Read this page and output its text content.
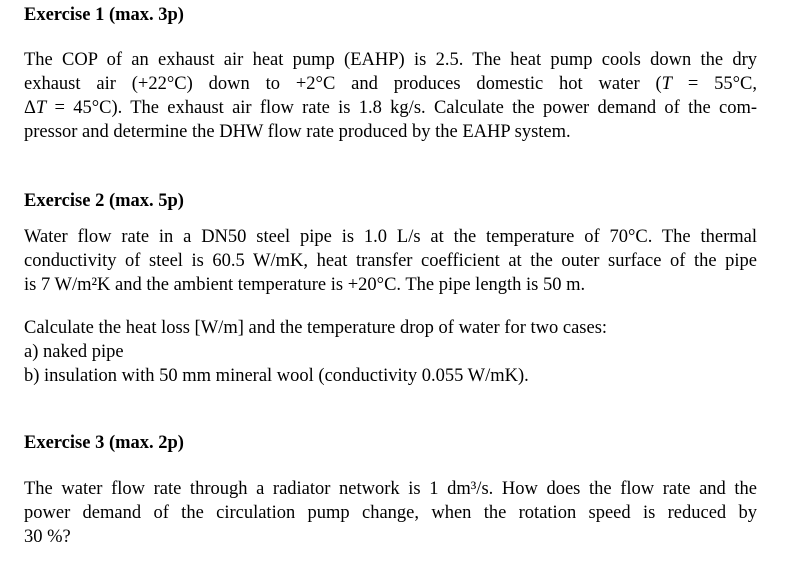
Exercise 1 (max. 3p)
The COP of an exhaust air heat pump (EAHP) is 2.5. The heat pump cools down the dry
exhaust air (+22°C) down to +2°C and produces domestic hot water (T = 55°C,
ΔT = 45°C). The exhaust air flow rate is 1.8 kg/s. Calculate the power demand of the com-
pressor and determine the DHW flow rate produced by the EAHP system.
Exercise 2 (max. 5p)
Water flow rate in a DN50 steel pipe is 1.0 L/s at the temperature of 70°C. The thermal
conductivity of steel is 60.5 W/mK, heat transfer coefficient at the outer surface of the pipe
is 7 W/m²K and the ambient temperature is +20°C. The pipe length is 50 m.
Calculate the heat loss [W/m] and the temperature drop of water for two cases:
a) naked pipe
b) insulation with 50 mm mineral wool (conductivity 0.055 W/mK).
Exercise 3 (max. 2p)
The water flow rate through a radiator network is 1 dm³/s. How does the flow rate and the
power demand of the circulation pump change, when the rotation speed is reduced by
30 %?
